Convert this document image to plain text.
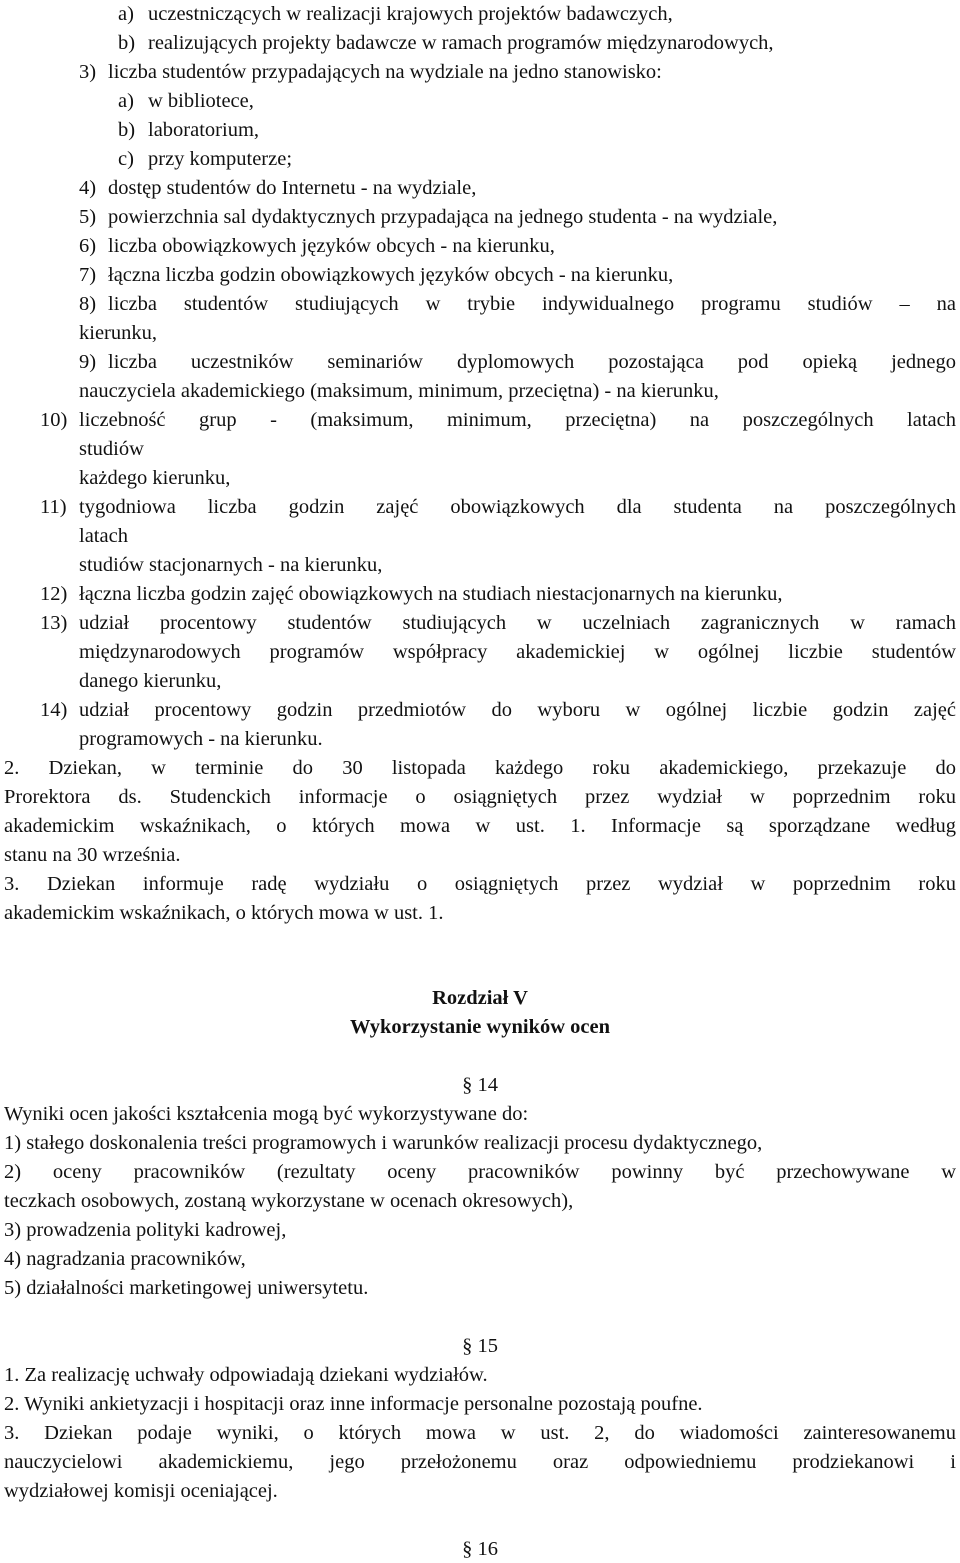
a) uczestniczących w realizacji krajowych projektów badawczych,
b) realizujących projekty badawcze w ramach programów międzynarodowych,
3) liczba studentów przypadających na wydziale na jedno stanowisko:
a) w bibliotece,
b) laboratorium,
c) przy komputerze;
4) dostęp studentów do Internetu - na wydziale,
5) powierzchnia sal dydaktycznych przypadająca na jednego studenta - na wydziale,
6) liczba obowiązkowych języków obcych - na kierunku,
7) łączna liczba godzin obowiązkowych języków obcych - na kierunku,
8) liczba studentów studiujących w trybie indywidualnego programu studiów – na
kierunku,
9) liczba uczestników seminariów dyplomowych pozostająca pod opieką jednego
nauczyciela akademickiego (maksimum, minimum, przeciętna) - na kierunku,
10) liczebność grup - (maksimum, minimum, przeciętna) na poszczególnych latach
studiów
każdego kierunku,
11) tygodniowa liczba godzin zajęć obowiązkowych dla studenta na poszczególnych
latach
studiów stacjonarnych - na kierunku,
12) łączna liczba godzin zajęć obowiązkowych na studiach niestacjonarnych na kierunku,
13) udział procentowy studentów studiujących w uczelniach zagranicznych w ramach
międzynarodowych programów współpracy akademickiej w ogólnej liczbie studentów
danego kierunku,
14) udział procentowy godzin przedmiotów do wyboru w ogólnej liczbie godzin zajęć
programowych - na kierunku.
2. Dziekan, w terminie do 30 listopada każdego roku akademickiego, przekazuje do
Prorektora ds. Studenckich informacje o osiągniętych przez wydział w poprzednim roku
akademickim wskaźnikach, o których mowa w ust. 1. Informacje są sporządzane według
stanu na 30 września.
3. Dziekan informuje radę wydziału o osiągniętych przez wydział w poprzednim roku
akademickim wskaźnikach, o których mowa w ust. 1.
Rozdział V
Wykorzystanie wyników ocen
§ 14
Wyniki ocen jakości kształcenia mogą być wykorzystywane do:
1) stałego doskonalenia treści programowych i warunków realizacji procesu dydaktycznego,
2) oceny pracowników (rezultaty oceny pracowników powinny być przechowywane w
teczkach osobowych, zostaną wykorzystane w ocenach okresowych),
3) prowadzenia polityki kadrowej,
4) nagradzania pracowników,
5) działalności marketingowej uniwersytetu.
§ 15
1. Za realizację uchwały odpowiadają dziekani wydziałów.
2. Wyniki ankietyzacji i hospitacji oraz inne informacje personalne pozostają poufne.
3. Dziekan podaje wyniki, o których mowa w ust. 2, do wiadomości zainteresowanemu
nauczycielowi akademickiemu, jego przełożonemu oraz odpowiedniemu prodziekanowi i
wydziałowej komisji oceniającej.
§ 16
